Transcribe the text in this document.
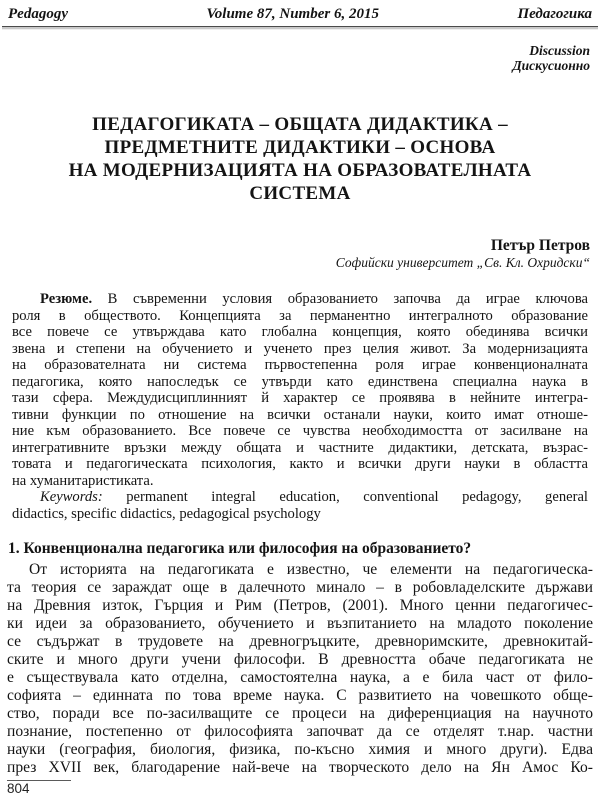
Pedagogy	Volume 87, Number 6, 2015	Педагогика
Discussion
Дискусионно
ПЕДАГОГИКАТА – ОБЩАТА ДИДАКТИКА –
ПРЕДМЕТНИТЕ ДИДАКТИКИ – ОСНОВА
НА МОДЕРНИЗАЦИЯТА НА ОБРАЗОВАТЕЛНАТА
СИСТЕМА
Петър Петров
Софийски университет „Св. Кл. Охридски“
Резюме. В съвременни условия образованието започва да играе ключова
роля в обществото. Концепцията за перманентно интегралното образование
все повече се утвърждава като глобална концепция, която обединява всички
звена и степени на обучението и ученето през целия живот. За модернизацията
на образователната ни система първостепенна роля играе конвенционалната
педагогика, която напоследък се утвърди като единствена специална наука в
тази сфера. Междудисциплинният й характер се проявява в нейните интегра-
тивни функции по отношение на всички останали науки, които имат отноше-
ние към образованието. Все повече се чувства необходимостта от засилване на
интегративните връзки между общата и частните дидактики, детската, възрас-
товата и педагогическата психология, както и всички други науки в областта
на хуманитаристиката.
Keywords: permanent integral education, conventional pedagogy, general
didactics, specific didactics, pedagogical psychology
1. Конвенционална педагогика или философия на образованието?
От историята на педагогиката е известно, че елементи на педагогическа-
та теория се зараждат още в далечното минало – в робовладелските държави
на Древния изток, Гърция и Рим (Петров, (2001). Много ценни педагогичес-
ки идеи за образованието, обучението и възпитанието на младото поколение
се съдържат в трудовете на древногръцките, древноримските, древнокитай-
ските и много други учени философи. В древността обаче педагогиката не
е съществувала като отделна, самостоятелна наука, а е била част от фило-
софията – единната по това време наука. С развитието на човешкото обще-
ство, поради все по-засилващите се процеси на диференциация на научното
познание, постепенно от философията започват да се отделят т.нар. частни
науки (география, биология, физика, по-късно химия и много други). Едва
през XVII век, благодарение най-вече на творческото дело на Ян Амос Ко-
804
